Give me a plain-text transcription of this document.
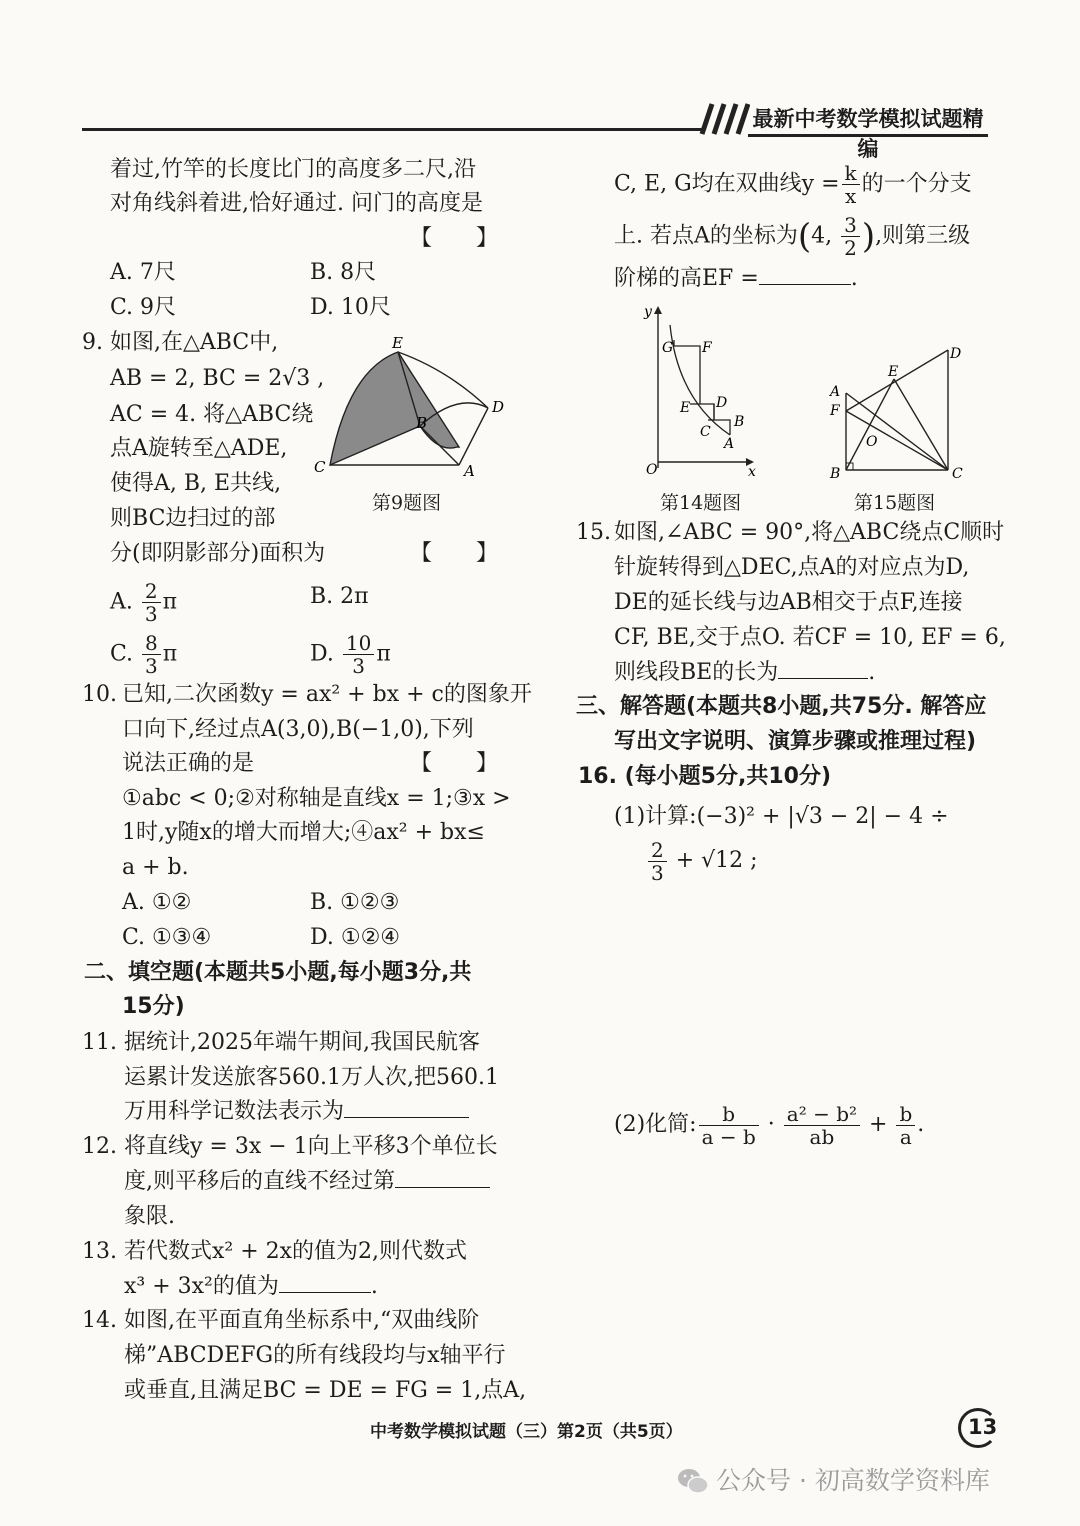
最新中考数学模拟试题精编
着过,竹竿的长度比门的高度多二尺,沿
对角线斜着进,恰好通过. 问门的高度是
【　　】
A. 7尺	B. 8尺
C. 9尺	D. 10尺
9. 如图,在△ABC中,
AB = 2, BC = 2√3 ,
AC = 4. 将△ABC绕
点A旋转至△ADE,
使得A, B, E共线,
则BC边扫过的部
分(即阴影部分)面积为	【　　】
E
D
B
C	A
第9题图
A. $\frac{2}{3}$ π	B. 2π
C. $\frac{8}{3}$ π	D. $\frac{10}{3}$ π
10. 已知,二次函数y = ax² + bx + c的图象开
口向下,经过点A(3,0),B(−1,0),下列
说法正确的是	【　　】
①abc < 0;②对称轴是直线x = 1;③x >
1时,y随x的增大而增大;④ax² + bx≤
a + b.
A. ①②	B. ①②③
C. ①③④	D. ①②④
二、填空题(本题共5小题,每小题3分,共
15分)
11. 据统计,2025年端午期间,我国民航客
运累计发送旅客560.1万人次,把560.1
万用科学记数法表示为
12. 将直线y = 3x − 1向上平移3个单位长
度,则平移后的直线不经过第
象限.
13. 若代数式x² + 2x的值为2,则代数式
x³ + 3x²的值为	.
14. 如图,在平面直角坐标系中,“双曲线阶
梯”ABCDEFG的所有线段均与x轴平行
或垂直,且满足BC = DE = FG = 1,点A,
C, E, G均在双曲线$y = \frac{k}{x}$ 的一个分支
上. 若点A的坐标为(4, $\frac{3}{2}$ ),则第三级
阶梯的高EF =	.
y
x
O
G F
E D
C
B
A
第14题图
A
F
B	C
E
D
O
第15题图
15. 如图,∠ABC = 90°,将△ABC绕点C顺时
针旋转得到△DEC,点A的对应点为D,
DE的延长线与边AB相交于点F,连接
CF, BE,交于点O. 若CF = 10, EF = 6,
则线段BE的长为	.
三、解答题(本题共8小题,共75分. 解答应
写出文字说明、演算步骤或推理过程)
16. (每小题5分,共10分)
(1)计算:(−3)² + |√3 − 2| − 4 ÷
$\frac{2}{3} + √12$ ;
(2)化简: $\frac{b}{a - b} \cdot \frac{\text{a² − b²}}{ab} + \frac{b}{a}$ .
中考数学模拟试题（三）第2页（共5页）	13
公众号 · 初高数学资料库
